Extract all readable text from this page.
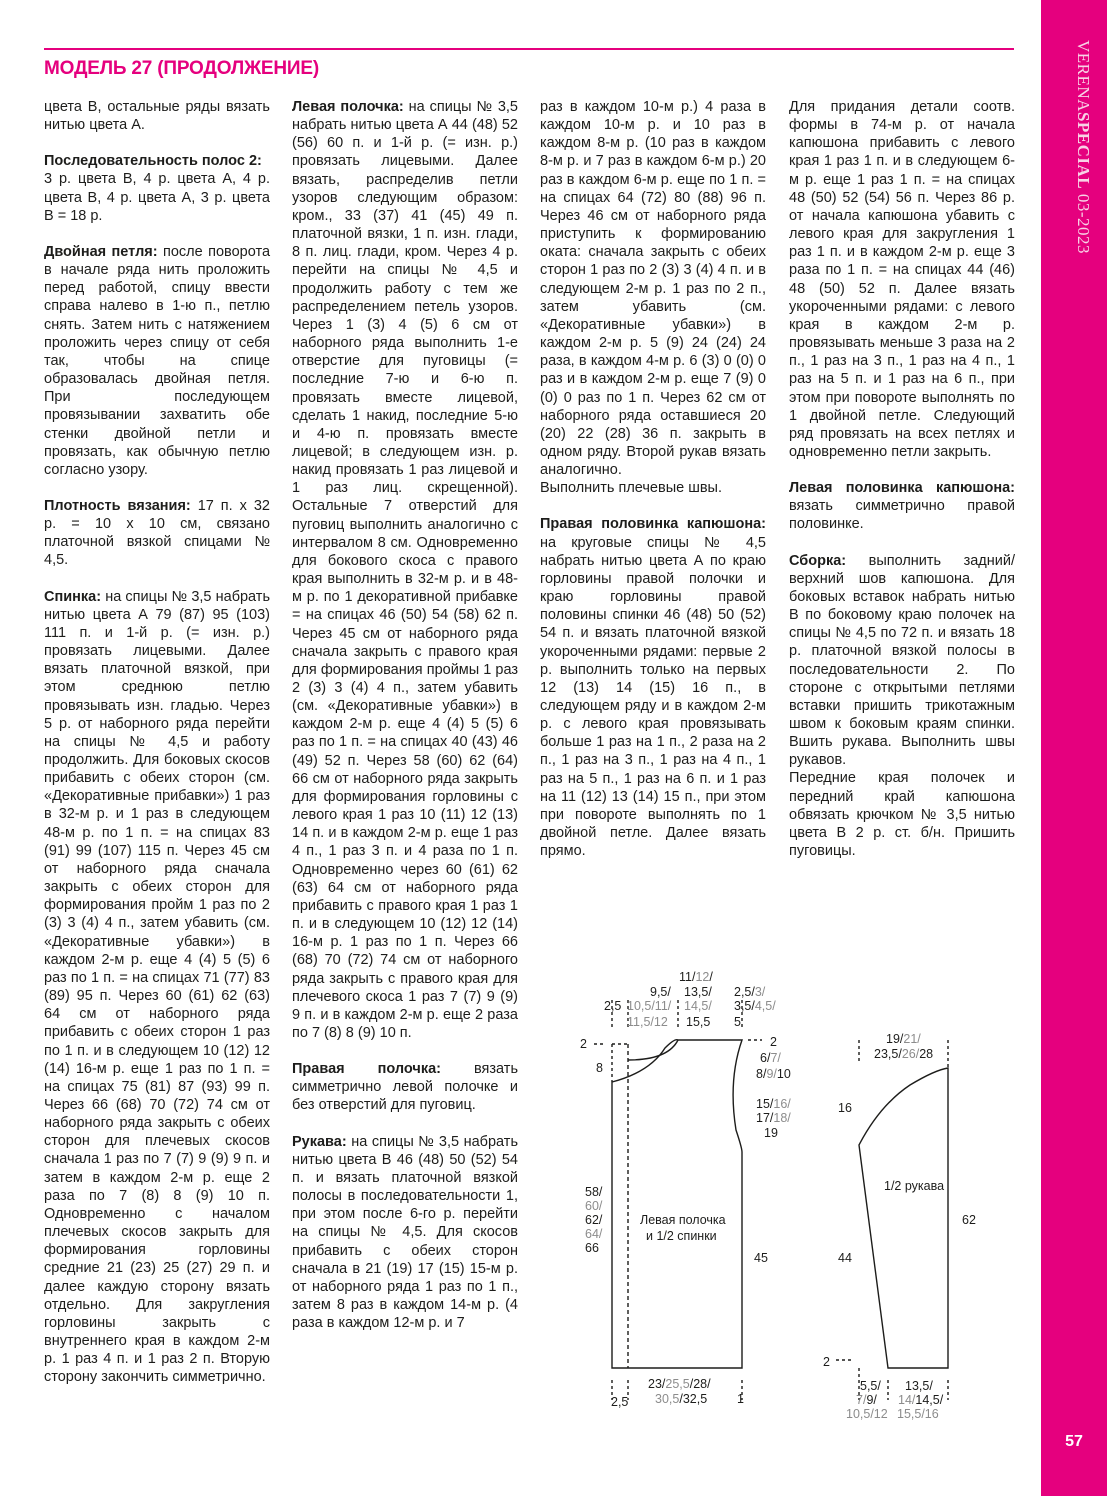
МОДЕЛЬ 27 (ПРОДОЛЖЕНИЕ)

цвета В, остальные ряды вязать нитью цвета А.

Последовательность полос 2:
3 р. цвета В, 4 р. цвета А, 4 р. цвета В, 4 р. цвета А, 3 р. цвета В = 18 р.

Двойная петля: после поворота в начале ряда нить проложить перед работой, спицу ввести справа налево в 1-ю п., петлю снять. Затем нить с натяжением проложить через спицу от себя так, чтобы на спице образовалась двойная петля. При последующем провязывании захватить обе стенки двойной петли и провязать, как обычную петлю согласно узору.

Плотность вязания: 17 п. х 32 р. = 10 х 10 см, связано платочной вязкой спицами № 4,5.

Спинка: на спицы № 3,5 набрать нитью цвета А 79 (87) 95 (103) 111 п. и 1-й р. (= изн. р.) провязать лицевыми. Далее вязать платочной вязкой, при этом среднюю петлю провязывать изн. гладью. Через 5 р. от наборного ряда перейти на спицы № 4,5 и работу продолжить. Для боковых скосов прибавить с обеих сторон (см. «Декоративные прибавки») 1 раз в 32-м р. и 1 раз в следующем 48-м р. по 1 п. = на спицах 83 (91) 99 (107) 115 п. Через 45 см от наборного ряда сначала закрыть с обеих сторон для формирования пройм 1 раз по 2 (3) 3 (4) 4 п., затем убавить (см. «Декоративные убавки») в каждом 2-м р. еще 4 (4) 5 (5) 6 раз по 1 п. = на спицах 71 (77) 83 (89) 95 п. Через 60 (61) 62 (63) 64 см от наборного ряда прибавить с обеих сторон 1 раз по 1 п. и в следующем 10 (12) 12 (14) 16-м р. еще 1 раз по 1 п. = на спицах 75 (81) 87 (93) 99 п. Через 66 (68) 70 (72) 74 см от наборного ряда закрыть с обеих сторон для плечевых скосов сначала 1 раз по 7 (7) 9 (9) 9 п. и затем в каждом 2-м р. еще 2 раза по 7 (8) 8 (9) 10 п. Одновременно с началом плечевых скосов закрыть для формирования горловины средние 21 (23) 25 (27) 29 п. и далее каждую сторону вязать отдельно. Для закругления горловины закрыть с внутреннего края в каждом 2-м р. 1 раз 4 п. и 1 раз 2 п. Вторую сторону закончить симметрично.

Левая полочка: на спицы № 3,5 набрать нитью цвета А 44 (48) 52 (56) 60 п. и 1-й р. (= изн. р.) провязать лицевыми. Далее вязать, распределив петли узоров следующим образом: кром., 33 (37) 41 (45) 49 п. платочной вязки, 1 п. изн. глади, 8 п. лиц. глади, кром. Через 4 р. перейти на спицы № 4,5 и продолжить работу с тем же распределением петель узоров. Через 1 (3) 4 (5) 6 см от наборного ряда выполнить 1-е отверстие для пуговицы (= последние 7-ю и 6-ю п. провязать вместе лицевой, сделать 1 накид, последние 5-ю и 4-ю п. провязать вместе лицевой; в следующем изн. р. накид провязать 1 раз лицевой и 1 раз лиц. скрещенной). Остальные 7 отверстий для пуговиц выполнить аналогично с интервалом 8 см. Одновременно для бокового скоса с правого края выполнить в 32-м р. и в 48-м р. по 1 декоративной прибавке = на спицах 46 (50) 54 (58) 62 п. Через 45 см от наборного ряда сначала закрыть с правого края для формирования проймы 1 раз 2 (3) 3 (4) 4 п., затем убавить (см. «Декоративные убавки») в каждом 2-м р. еще 4 (4) 5 (5) 6 раз по 1 п. = на спицах 40 (43) 46 (49) 52 п. Через 58 (60) 62 (64) 66 см от наборного ряда закрыть для формирования горловины с левого края 1 раз 10 (11) 12 (13) 14 п. и в каждом 2-м р. еще 1 раз 4 п., 1 раз 3 п. и 4 раза по 1 п. Одновременно через 60 (61) 62 (63) 64 см от наборного ряда прибавить с правого края 1 раз 1 п. и в следующем 10 (12) 12 (14) 16-м р. 1 раз по 1 п. Через 66 (68) 70 (72) 74 см от наборного ряда закрыть с правого края для плечевого скоса 1 раз 7 (7) 9 (9) 9 п. и в каждом 2-м р. еще 2 раза по 7 (8) 8 (9) 10 п.

Правая полочка: вязать симметрично левой полочке и без отверстий для пуговиц.

Рукава: на спицы № 3,5 набрать нитью цвета В 46 (48) 50 (52) 54 п. и вязать платочной вязкой полосы в последовательности 1, при этом после 6-го р. перейти на спицы № 4,5. Для скосов прибавить с обеих сторон сначала в 21 (19) 17 (15) 15-м р. от наборного ряда 1 раз по 1 п., затем 8 раз в каждом 14-м р. (4 раза в каждом 12-м р. и 7

раз в каждом 10-м р.) 4 раза в каждом 10-м р. и 10 раз в каждом 8-м р. (10 раз в каждом 8-м р. и 7 раз в каждом 6-м р.) 20 раз в каждом 6-м р. еще по 1 п. = на спицах 64 (72) 80 (88) 96 п. Через 46 см от наборного ряда приступить к формированию оката: сначала закрыть с обеих сторон 1 раз по 2 (3) 3 (4) 4 п. и в следующем 2-м р. 1 раз по 2 п., затем убавить (см. «Декоративные убавки») в каждом 2-м р. 5 (9) 24 (24) 24 раза, в каждом 4-м р. 6 (3) 0 (0) 0 раз и в каждом 2-м р. еще 7 (9) 0 (0) 0 раз по 1 п. Через 62 см от наборного ряда оставшиеся 20 (20) 22 (28) 36 п. закрыть в одном ряду. Второй рукав вязать аналогично.

Выполнить плечевые швы.

Правая половинка капюшона: на круговые спицы № 4,5 набрать нитью цвета А по краю горловины правой полочки и краю горловины правой половины спинки 46 (48) 50 (52) 54 п. и вязать платочной вязкой укороченными рядами: первые 2 р. выполнить только на первых 12 (13) 14 (15) 16 п., в следующем ряду и в каждом 2-м р. с левого края провязывать больше 1 раз на 1 п., 2 раза на 2 п., 1 раз на 3 п., 1 раз на 4 п., 1 раз на 5 п., 1 раз на 6 п. и 1 раз на 11 (12) 13 (14) 15 п., при этом при повороте выполнять по 1 двойной петле. Далее вязать прямо.

Для придания детали соотв. формы в 74-м р. от начала капюшона прибавить с левого края 1 раз 1 п. и в следующем 6-м р. еще 1 раз 1 п. = на спицах 48 (50) 52 (54) 56 п. Через 86 р. от начала капюшона убавить с левого края для закругления 1 раз 1 п. и в каждом 2-м р. еще 3 раза по 1 п. = на спицах 44 (46) 48 (50) 52 п. Далее вязать укороченными рядами: с левого края в каждом 2-м р. провязывать меньше 3 раза на 2 п., 1 раз на 3 п., 1 раз на 4 п., 1 раз на 5 п. и 1 раз на 6 п., при этом при повороте выполнять по 1 двойной петле. Следующий ряд провязать на всех петлях и одновременно петли закрыть.

Левая половинка капюшона: вязать симметрично правой половинке.

Сборка: выполнить задний/верхний шов капюшона. Для боковых вставок набрать нитью В по боковому краю полочек на спицы № 4,5 по 72 п. и вязать 18 р. платочной вязкой полосы в последовательности 2. По стороне с открытыми петлями вставки пришить трикотажным швом к боковым краям спинки. Вшить рукава. Выполнить швы рукавов.

Передние края полочек и передний край капюшона обвязать крючком № 3,5 нитью цвета В 2 р. ст. б/н. Пришить пуговицы.

VERENASPECIAL 03-2023
57
Левая полочка
и 1/2 спинки
11/12/
13,5/
14,5/
15,5
9,5/
10,5/11/
11,5/12
2,5
2,5/3/
3,5/4,5/
5
2
6/7/
8/9/10
15/16/
17/18/
19
2
8
58/
60/
62/
64/
66
45
23/25,5/28/
30,5/32,5
2,5	1
1/2 рукава
19/21/
23,5/26/28
16
44
2
62
5,5/
7/9/
10,5/12
13,5/
14/14,5/
15,5/16
